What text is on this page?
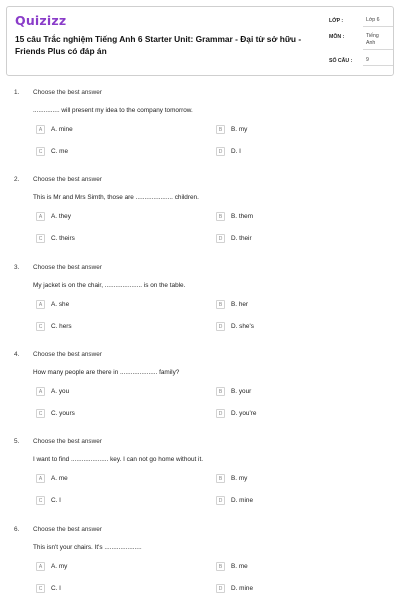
Quizizz
15 câu Trắc nghiệm Tiếng Anh 6 Starter Unit: Grammar - Đại từ sở hữu - Friends Plus có đáp án
LỚP :	Lớp 6
MÔN :	Tiếng
Anh
SỐ CÂU :	9
1. Choose the best answer
............... will present my idea to the company tomorrow.
A	A. mine	B	B. my
C	C. me	D	D. I
2. Choose the best answer
This is Mr and Mrs Simth, those are ..................... children.
A	A. they	B	B. them
C	C. theirs	D	D. their
3. Choose the best answer
My jacket is on the chair, ..................... is on the table.
A	A. she	B	B. her
C	C. hers	D	D. she's
4. Choose the best answer
How many people are there in ..................... family?
A	A. you	B	B. your
C	C. yours	D	D. you're
5. Choose the best answer
I want to find ..................... key. I can not go home without it.
A	A. me	B	B. my
C	C. I	D	D. mine
6. Choose the best answer
This isn't your chairs. It's .....................
A	A. my	B	B. me
C	C. I	D	D. mine
